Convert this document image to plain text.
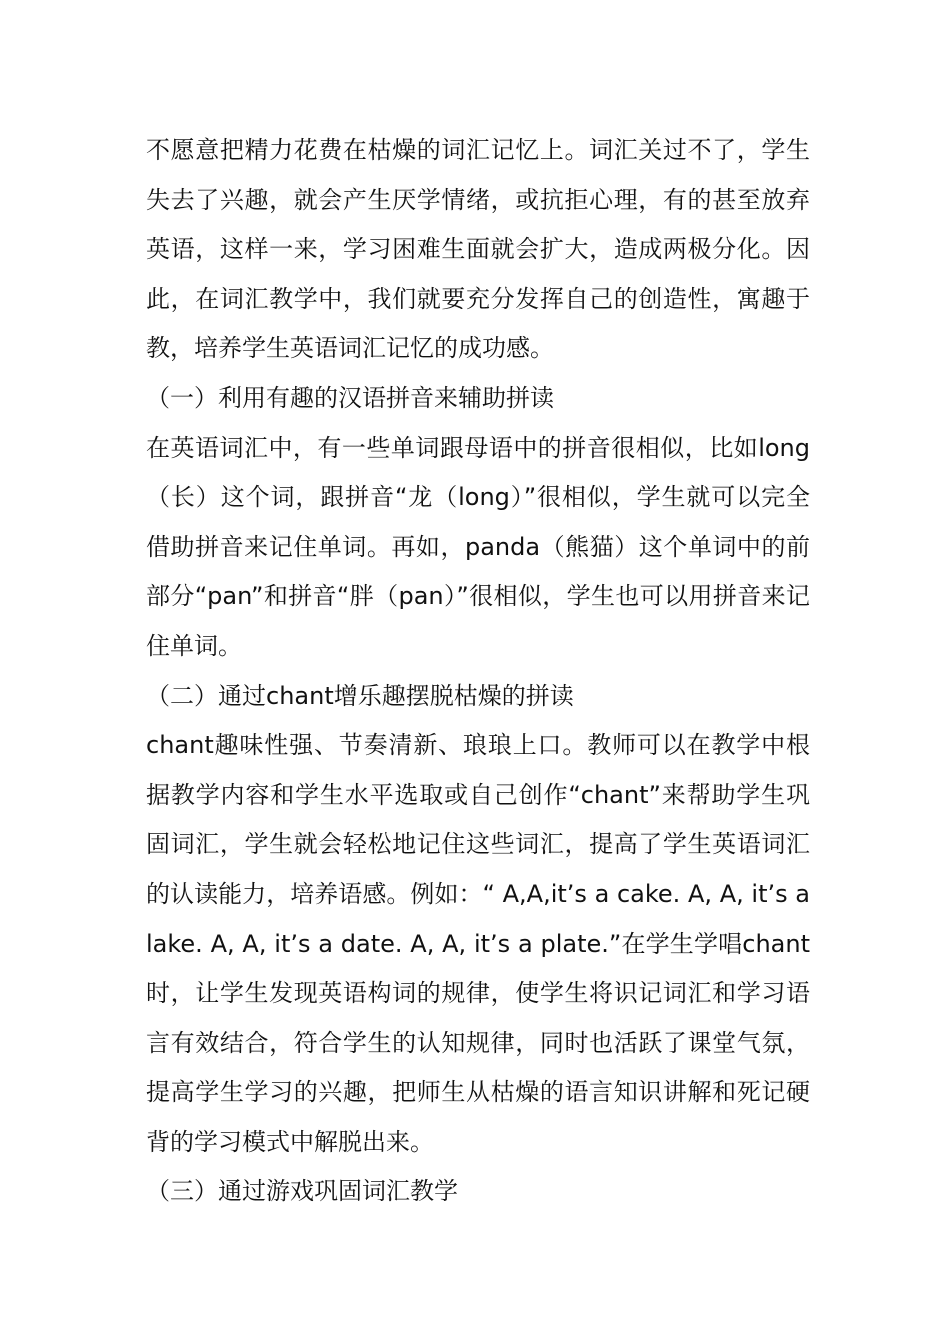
不愿意把精力花费在枯燥的词汇记忆上。词汇关过不了，学生失去了兴趣，就会产生厌学情绪，或抗拒心理，有的甚至放弃英语，这样一来，学习困难生面就会扩大，造成两极分化。因此，在词汇教学中，我们就要充分发挥自己的创造性，寓趣于教，培养学生英语词汇记忆的成功感。

（一）利用有趣的汉语拼音来辅助拼读

在英语词汇中，有一些单词跟母语中的拼音很相似，比如long（长）这个词，跟拼音“龙（long）”很相似，学生就可以完全借助拼音来记住单词。再如，panda（熊猫）这个单词中的前部分“pan”和拼音“胖（pan）”很相似，学生也可以用拼音来记住单词。

（二）通过chant增乐趣摆脱枯燥的拼读

chant趣味性强、节奏清新、琅琅上口。教师可以在教学中根据教学内容和学生水平选取或自己创作“chant”来帮助学生巩固词汇，学生就会轻松地记住这些词汇，提高了学生英语词汇的认读能力，培养语感。例如：“ A,A,it’s a cake. A, A, it’s a lake. A, A, it’s a date. A, A, it’s a plate.”在学生学唱chant时，让学生发现英语构词的规律，使学生将识记词汇和学习语言有效结合，符合学生的认知规律，同时也活跃了课堂气氛，提高学生学习的兴趣，把师生从枯燥的语言知识讲解和死记硬背的学习模式中解脱出来。

（三）通过游戏巩固词汇教学
